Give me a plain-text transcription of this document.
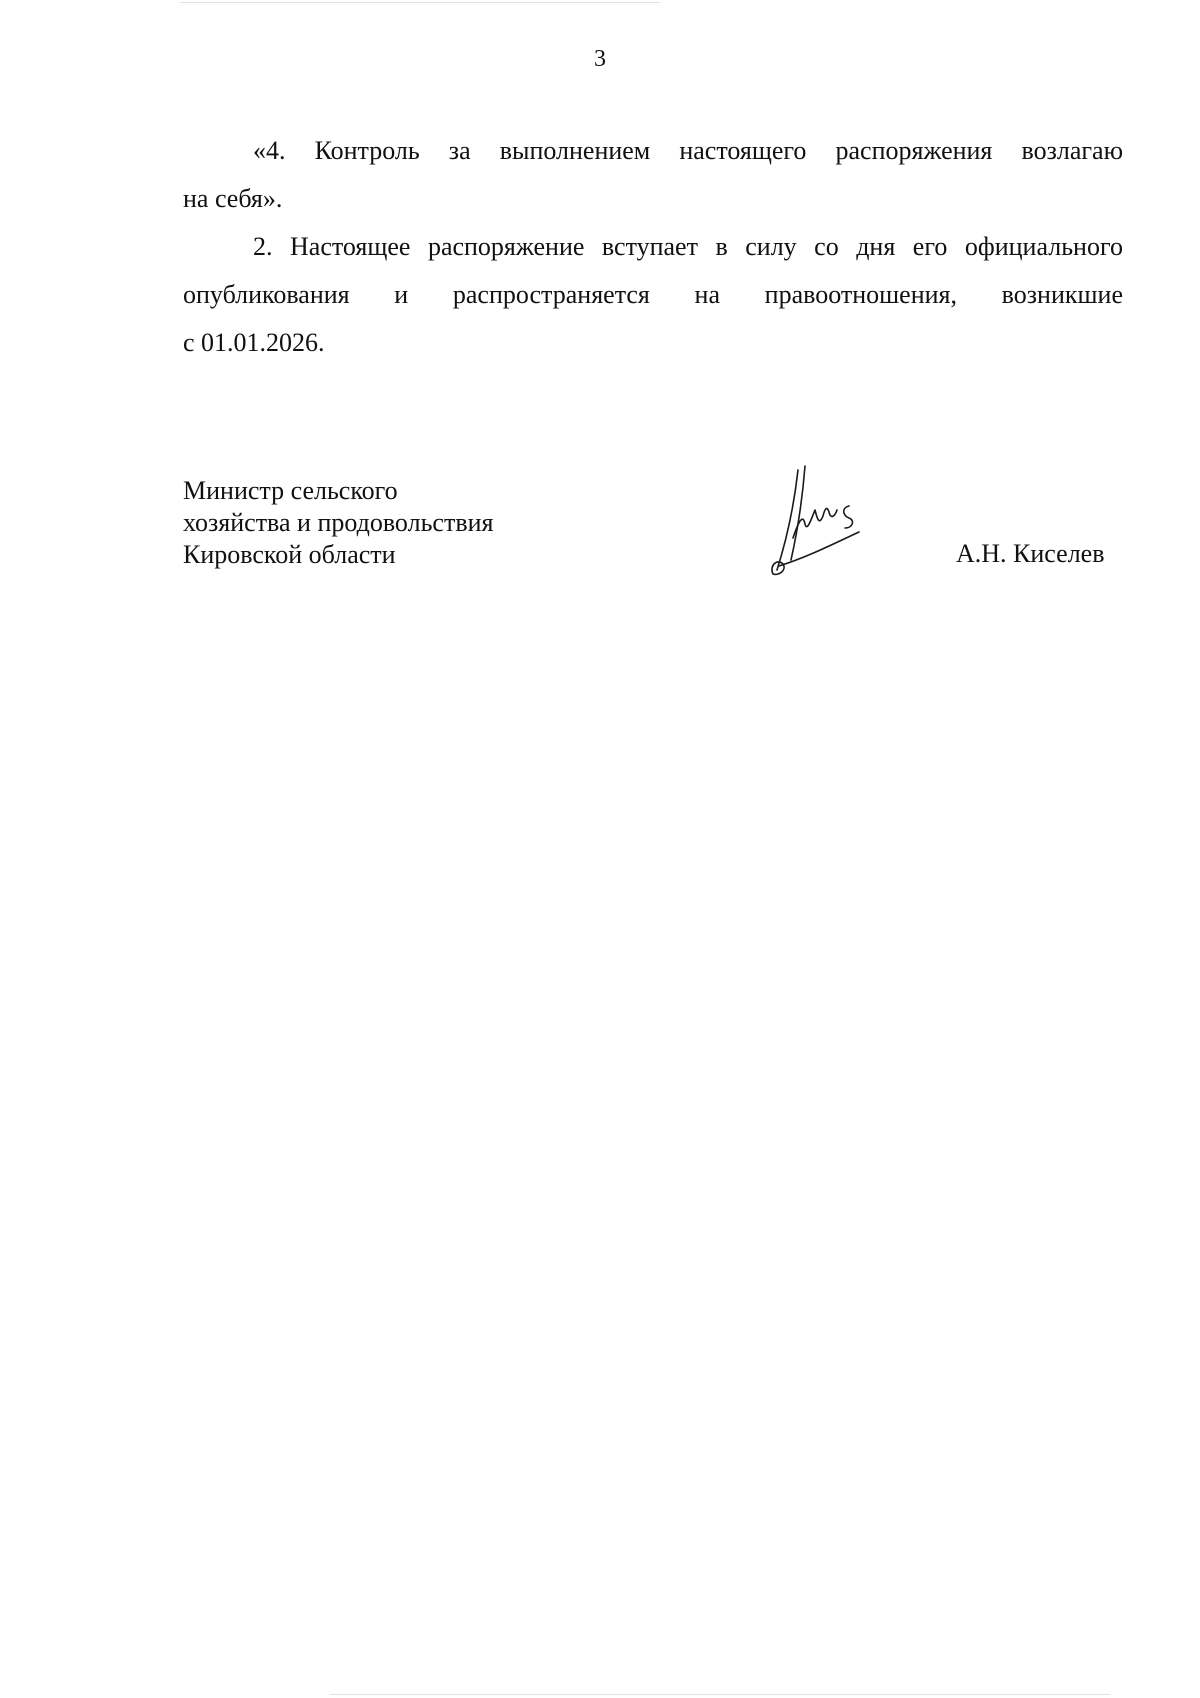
3

«4. Контроль за выполнением настоящего распоряжения возлагаю
на себя».

2. Настоящее распоряжение вступает в силу со дня его официального
опубликования и распространяется на правоотношения, возникшие
с 01.01.2026.

Министр сельского
хозяйства и продовольствия
Кировской области	А.Н. Киселев
